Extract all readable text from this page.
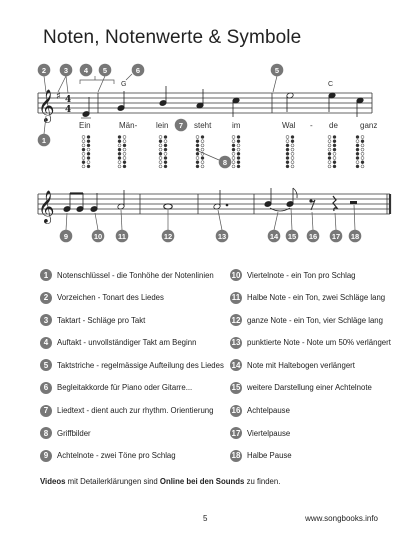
Noten, Notenwerte & Symbole
𝄞 ♯ 4
4
G	C
Ein	Män- lein	steht	im	Wal - de	ganz
2 3 4 5	6	5
1
7
8
𝄞
9	10 11	12	13	14 15 16 17 18
1	Notenschlüssel - die Tonhöhe der Notenlinien
2	Vorzeichen - Tonart des Liedes
3	Taktart - Schläge pro Takt
4	Auftakt - unvollständiger Takt am Beginn
5	Taktstriche - regelmässige Aufteilung des Liedes
6	Begleitakkorde für Piano oder Gitarre...
7	Liedtext - dient auch zur rhythm. Orientierung
8	Griffbilder
9	Achtelnote - zwei Töne pro Schlag
10 Viertelnote - ein Ton pro Schlag
11 Halbe Note - ein Ton, zwei Schläge lang
12 ganze Note - ein Ton, vier Schläge lang
13 punktierte Note - Note um 50% verlängert
14 Note mit Haltebogen verlängert
15 weitere Darstellung einer Achtelnote
16 Achtelpause
17 Viertelpause
18 Halbe Pause
Videos mit Detailerklärungen sind Online bei den Sounds zu finden.
5	www.songbooks.info
